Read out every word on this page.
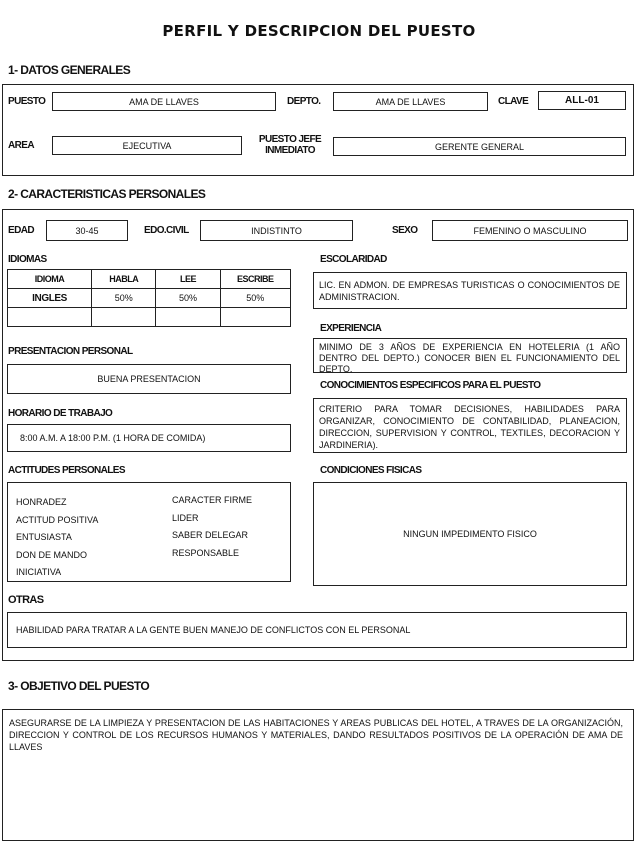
PERFIL Y DESCRIPCION DEL PUESTO
1- DATOS GENERALES
PUESTO	AMA DE LLAVES	DEPTO.	AMA DE LLAVES	CLAVE	ALL-01
AREA	EJECUTIVA
PUESTO JEFE
INMEDIATO	GERENTE GENERAL
2- CARACTERISTICAS PERSONALES
EDAD	30-45	EDO.CIVIL	INDISTINTO	SEXO	FEMENINO O MASCULINO
IDIOMAS
IDIOMA	HABLA	LEE	ESCRIBE
INGLES	50%	50%	50%

PRESENTACION PERSONAL
BUENA PRESENTACION
HORARIO DE TRABAJO
8:00 A.M. A 18:00 P.M. (1 HORA DE COMIDA)
ACTITUDES PERSONALES
HONRADEZ
ACTITUD POSITIVA
ENTUSIASTA
DON DE MANDO
INICIATIVA
CARACTER FIRME
LIDER
SABER DELEGAR
RESPONSABLE
ESCOLARIDAD
LIC. EN ADMON. DE EMPRESAS TURISTICAS O CONOCIMIENTOS DE ADMINISTRACION.
EXPERIENCIA
MINIMO DE 3 AÑOS DE EXPERIENCIA EN HOTELERIA (1 AÑO DENTRO DEL DEPTO.) CONOCER BIEN EL FUNCIONAMIENTO DEL DEPTO.
CONOCIMIENTOS ESPECIFICOS PARA EL PUESTO
CRITERIO PARA TOMAR DECISIONES, HABILIDADES PARA ORGANIZAR, CONOCIMIENTO DE CONTABILIDAD, PLANEACION, DIRECCION, SUPERVISION Y CONTROL, TEXTILES, DECORACION Y JARDINERIA).
CONDICIONES FISICAS
NINGUN IMPEDIMENTO FISICO
OTRAS
HABILIDAD PARA TRATAR A LA GENTE BUEN MANEJO DE CONFLICTOS CON EL PERSONAL
3- OBJETIVO DEL PUESTO
ASEGURARSE DE LA LIMPIEZA Y PRESENTACION DE LAS HABITACIONES Y AREAS PUBLICAS DEL HOTEL, A TRAVES DE LA ORGANIZACIÓN, DIRECCION Y CONTROL DE LOS RECURSOS HUMANOS Y MATERIALES, DANDO RESULTADOS POSITIVOS DE LA OPERACIÓN DE AMA DE LLAVES
